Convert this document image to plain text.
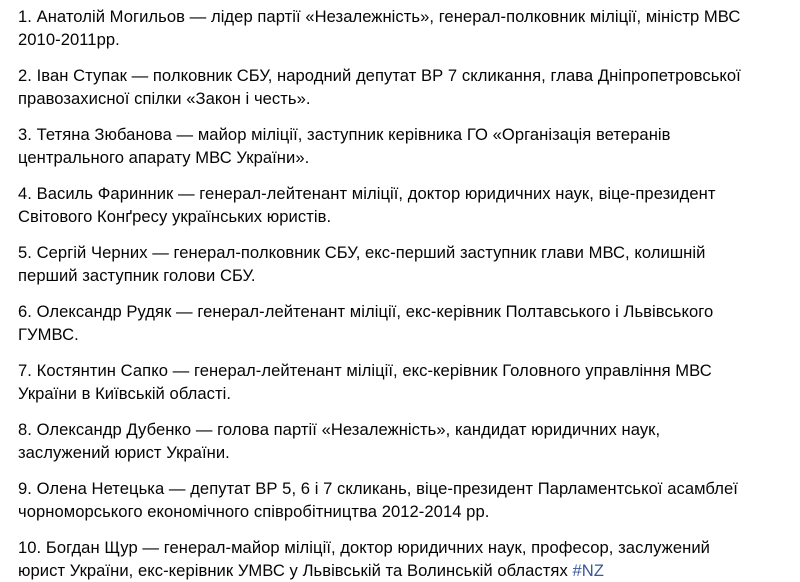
1. Анатолій Могильов — лідер партії «Незалежність», генерал-полковник міліції, міністр МВС
2010-2011рр.

2. Іван Ступак — полковник СБУ, народний депутат ВР 7 скликання, глава Дніпропетровської
правозахисної спілки «Закон і честь».

3. Тетяна Зюбанова — майор міліції, заступник керівника ГО «Організація ветеранів
центрального апарату МВС України».

4. Василь Фаринник — генерал-лейтенант міліції, доктор юридичних наук, віце-президент
Світового Конґресу українських юристів.

5. Сергій Черних — генерал-полковник СБУ, екс-перший заступник глави МВС, колишній
перший заступник голови СБУ.

6. Олександр Рудяк — генерал-лейтенант міліції, екс-керівник Полтавського і Львівського
ГУМВС.

7. Костянтин Сапко — генерал-лейтенант міліції, екс-керівник Головного управління МВС
України в Київській області.

8. Олександр Дубенко — голова партії «Незалежність», кандидат юридичних наук,
заслужений юрист України.

9. Олена Нетецька — депутат ВР 5, 6 і 7 скликань, віце-президент Парламентської асамблеї
чорноморського економічного співробітництва 2012-2014 рр.

10. Богдан Щур — генерал-майор міліції, доктор юридичних наук, професор, заслужений
юрист України, екс-керівник УМВС у Львівській та Волинській областях #NZ
